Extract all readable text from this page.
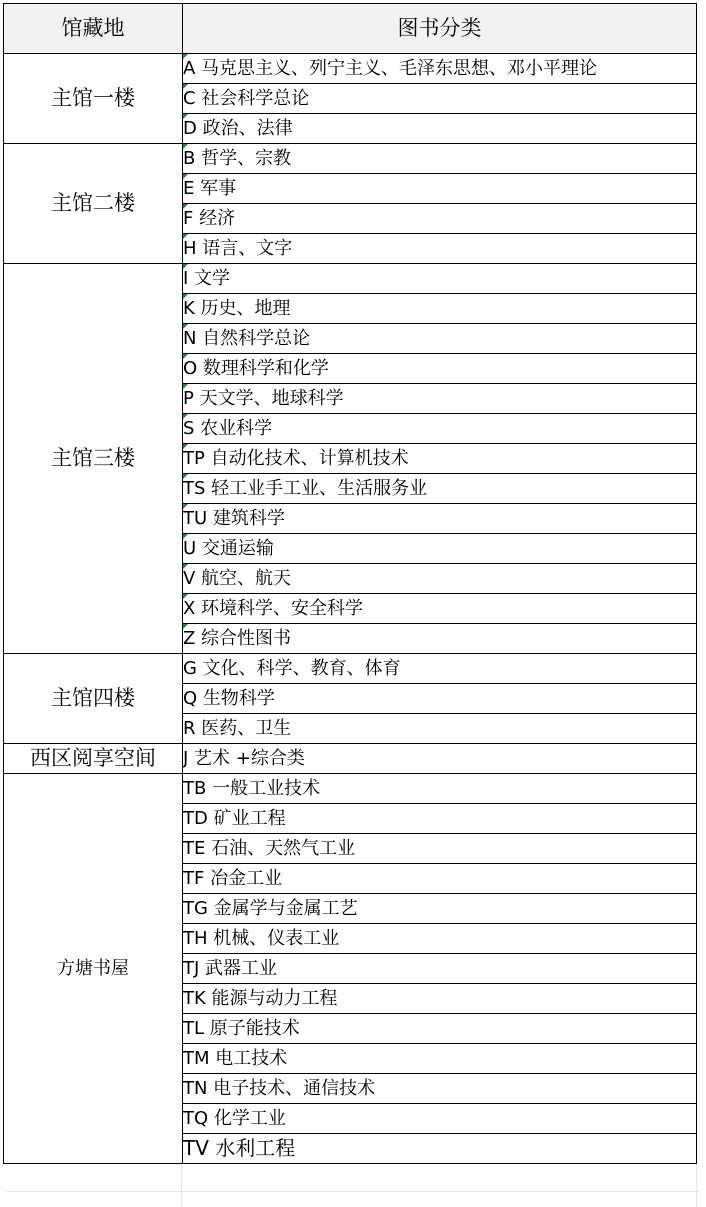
馆藏地	图书分类
主馆一楼	A 马克思主义、列宁主义、毛泽东思想、邓小平理论

C 社会科学总论

D 政治、法律
主馆二楼	B 哲学、宗教

E 军事

F 经济

H 语言、文字
主馆三楼	I 文学

K 历史、地理

N 自然科学总论

O 数理科学和化学

P 天文学、地球科学

S 农业科学

TP 自动化技术、计算机技术

TS 轻工业手工业、生活服务业

TU 建筑科学

U 交通运输

V 航空、航天

X 环境科学、安全科学

Z 综合性图书
主馆四楼	G 文化、科学、教育、体育
	Q 生物科学
	R 医药、卫生
西区阅享空间	J 艺术 +综合类
方塘书屋	TB 一般工业技术
	TD 矿业工程
	TE 石油、天然气工业
	TF 冶金工业
	TG 金属学与金属工艺
	TH 机械、仪表工业
	TJ 武器工业
	TK 能源与动力工程
	TL 原子能技术
	TM 电工技术
	TN 电子技术、通信技术
	TQ 化学工业
	TV 水利工程
